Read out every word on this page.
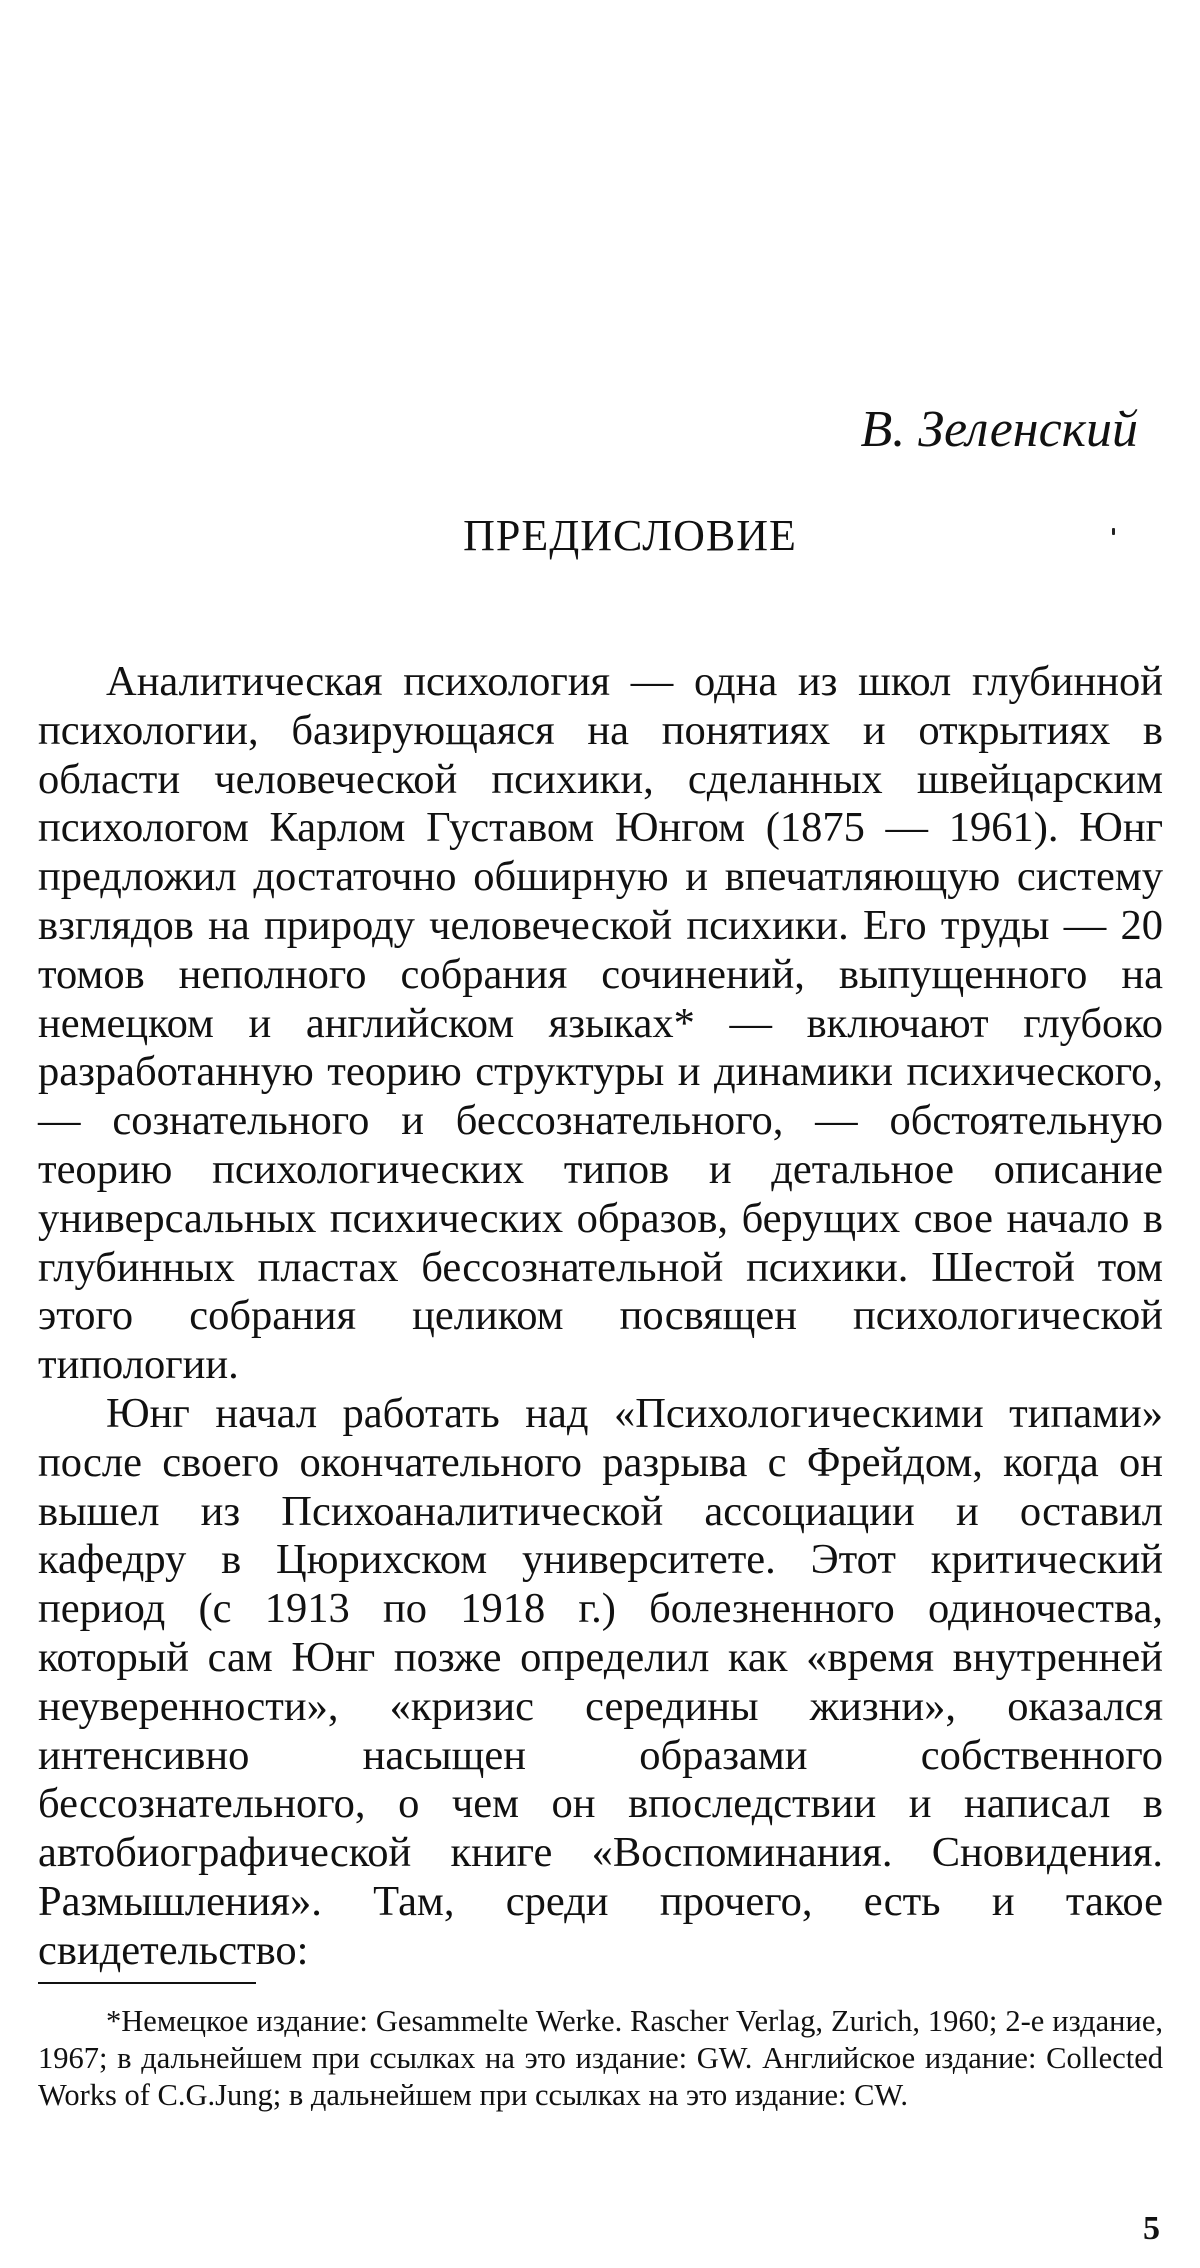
В. Зеленский
ПРЕДИСЛОВИЕ

Аналитическая психология — одна из школ глубинной психологии, базирующаяся на понятиях и открытиях в области человеческой психики, сделанных швейцарским психологом Карлом Густавом Юнгом (1875 — 1961). Юнг предложил достаточно обширную и впечатляющую систему взглядов на природу человеческой психики. Его труды — 20 томов неполного собрания сочинений, выпущенного на немецком и английском языках* — включают глубоко разработанную теорию структуры и динамики психического, — сознательного и бессознательного, — обстоятельную теорию психологических типов и детальное описание универсальных психических образов, берущих свое начало в глубинных пластах бессознательной психики. Шестой том этого собрания целиком посвящен психологической типологии.

Юнг начал работать над «Психологическими типами» после своего окончательного разрыва с Фрейдом, когда он вышел из Психоаналитической ассоциации и оставил кафедру в Цюрихском университете. Этот критический период (с 1913 по 1918 г.) болезненного одиночества, который сам Юнг позже определил как «время внутренней неуверенности», «кризис середины жизни», оказался интенсивно насыщен образами собственного бессознательного, о чем он впоследствии и написал в автобиографической книге «Воспоминания. Сновидения. Размышления». Там, среди прочего, есть и такое свидетельство:

*Немецкое издание: Gesammelte Werke. Rascher Verlag, Zurich, 1960; 2-е издание, 1967; в дальнейшем при ссылках на это издание: GW. Английское издание: Collected Works of C.G.Jung; в дальнейшем при ссылках на это издание: CW.

5
